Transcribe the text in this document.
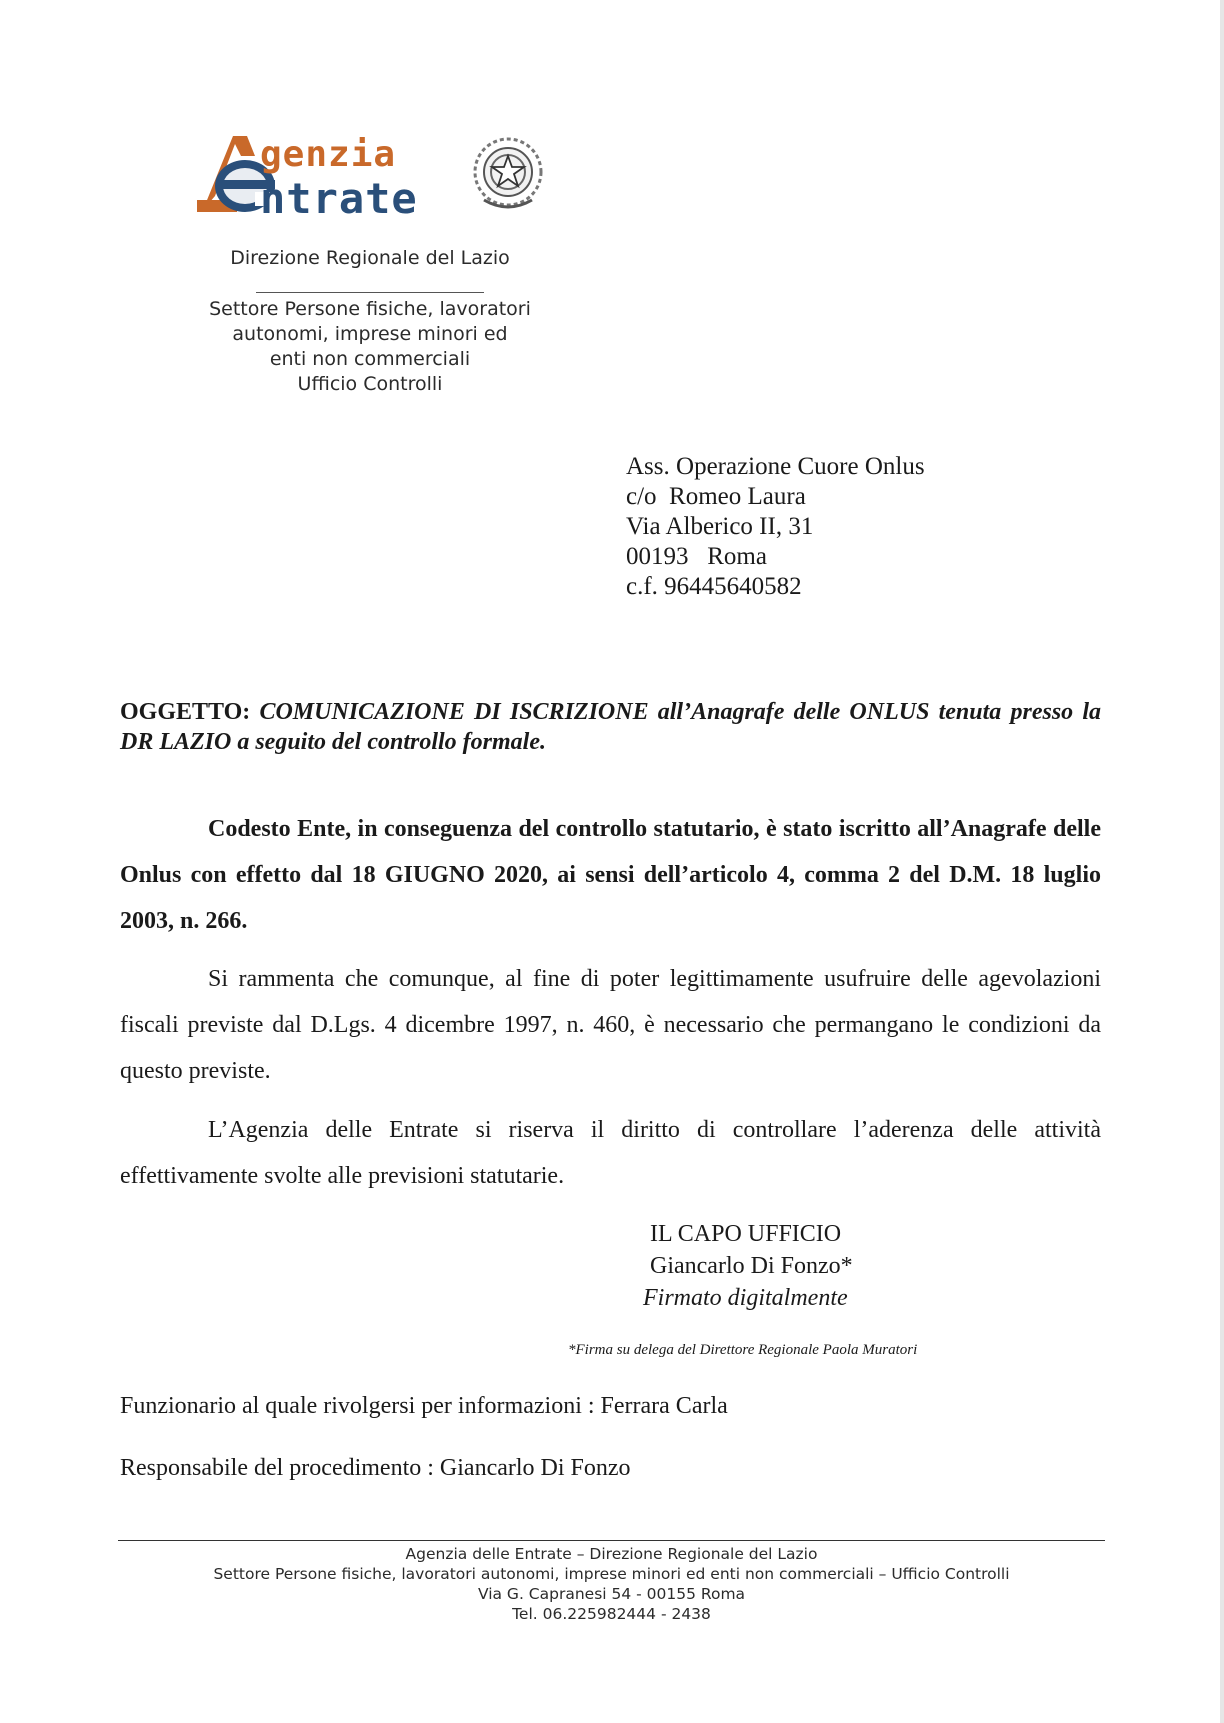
genzia
ntrate
Direzione Regionale del Lazio
Settore Persone fisiche, lavoratori
autonomi, imprese minori ed
enti non commerciali
Ufficio Controlli
Ass. Operazione Cuore Onlus
c/o  Romeo Laura
Via Alberico II, 31
00193   Roma
c.f. 96445640582
OGGETTO: COMUNICAZIONE DI ISCRIZIONE all’Anagrafe delle ONLUS tenuta presso la DR LAZIO a seguito del controllo formale.
Codesto Ente, in conseguenza del controllo statutario, è stato iscritto all’Anagrafe delle Onlus con effetto dal 18 GIUGNO 2020, ai sensi dell’articolo 4, comma 2 del D.M. 18 luglio 2003, n. 266.
Si rammenta che comunque, al fine di poter legittimamente usufruire delle agevolazioni fiscali previste dal D.Lgs. 4 dicembre 1997, n. 460, è necessario che permangano le condizioni da questo previste.
L’Agenzia delle Entrate si riserva il diritto di controllare l’aderenza delle attività effettivamente svolte alle previsioni statutarie.
IL CAPO UFFICIO
Giancarlo Di Fonzo*
Firmato digitalmente
*Firma su delega del Direttore Regionale Paola Muratori
Funzionario al quale rivolgersi per informazioni : Ferrara Carla
Responsabile del procedimento : Giancarlo Di Fonzo
Agenzia delle Entrate – Direzione Regionale del Lazio
Settore Persone fisiche, lavoratori autonomi, imprese minori ed enti non commerciali – Ufficio Controlli
Via G. Capranesi 54 - 00155 Roma
Tel. 06.225982444 - 2438
